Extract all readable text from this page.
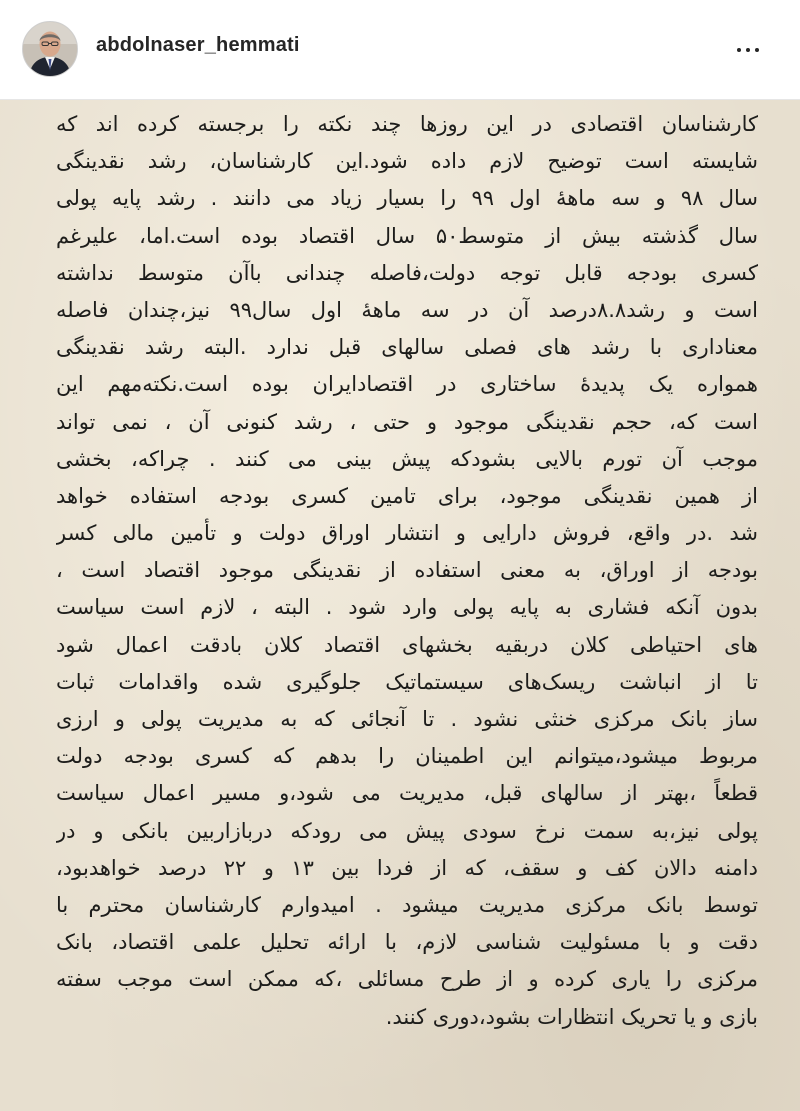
abdolnaser_hemmati
کارشناسان اقتصادی در این روزها چند نکته را برجسته کرده اند که
شایسته است توضیح لازم داده شود.این کارشناسان، رشد نقدینگی
سال ۹۸ و سه ماهۀ اول ۹۹ را بسیار زیاد می دانند . رشد پایه پولی
سال گذشته بیش از متوسط۵۰ سال اقتصاد بوده است.اما، علیرغم
کسری بودجه قابل توجه دولت،فاصله چندانی باآن متوسط نداشته
است و رشد۸.۸درصد آن در سه ماهۀ اول سال۹۹ نیز،چندان فاصله
معناداری با رشد های فصلی سالهای قبل ندارد .البته رشد نقدینگی
همواره یک پدیدۀ ساختاری در اقتصادایران بوده است.نکته‌مهم این
است که، حجم نقدینگی موجود و حتی ، رشد کنونی آن ، نمی تواند
موجب آن تورم بالایی بشودکه پیش بینی می کنند . چراکه، بخشی
از همین نقدینگی موجود، برای تامین کسری بودجه استفاده خواهد
شد .در واقع، فروش دارایی و انتشار اوراق دولت و تأمین مالی کسر
بودجه از اوراق، به معنی استفاده از نقدینگی موجود اقتصاد است ،
بدون آنکه فشاری به پایه پولی وارد شود . البته ، لازم است سیاست
های احتیاطی کلان دربقیه بخشهای اقتصاد کلان بادقت اعمال شود
تا از انباشت ریسک‌های سیستماتیک جلوگیری شده واقدامات ثبات
ساز بانک مرکزی خنثی نشود . تا آنجائی که به مدیریت پولی و ارزی
مربوط میشود،میتوانم این اطمینان را بدهم که کسری بودجه دولت
قطعاً ،بهتر از سالهای قبل، مدیریت می شود،و مسیر اعمال سیاست
پولی نیز،به سمت نرخ سودی پیش می رودکه دربازاربین بانکی و در
دامنه دالان کف و سقف، که از فردا بین ۱۳ و ۲۲ درصد خواهدبود،
توسط بانک مرکزی مدیریت میشود . امیدوارم کارشناسان محترم با
دقت و با مسئولیت شناسی لازم، با ارائه تحلیل علمی اقتصاد، بانک
مرکزی را یاری کرده و از طرح مسائلی ،که ممکن است موجب سفته
بازی و یا تحریک انتظارات بشود،دوری کنند.
